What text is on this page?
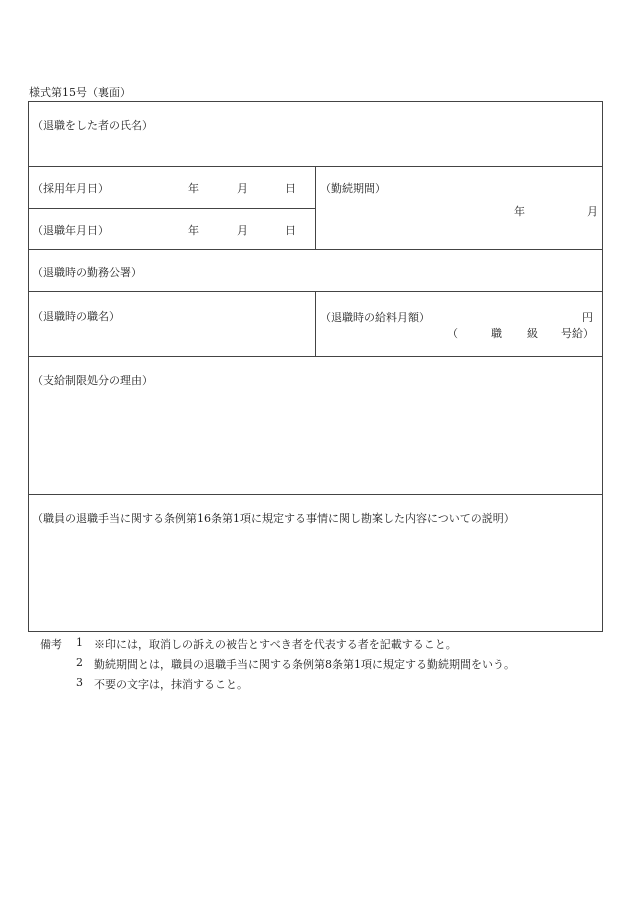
様式第15号（裏面）
（退職をした者の氏名）
（採用年月日）	年	月	日
（退職年月日）	年	月	日
（勤続期間）
年	月
（退職時の勤務公署）
（退職時の職名）	（退職時の給料月額）	円
（	職 級 号給）
（支給制限処分の理由）
（職員の退職手当に関する条例第16条第1項に規定する事情に関し勘案した内容についての説明）
備考 1 ※印には，取消しの訴えの被告とすべき者を代表する者を記載すること。
2 勤続期間とは，職員の退職手当に関する条例第8条第1項に規定する勤続期間をいう。
3 不要の文字は，抹消すること。
